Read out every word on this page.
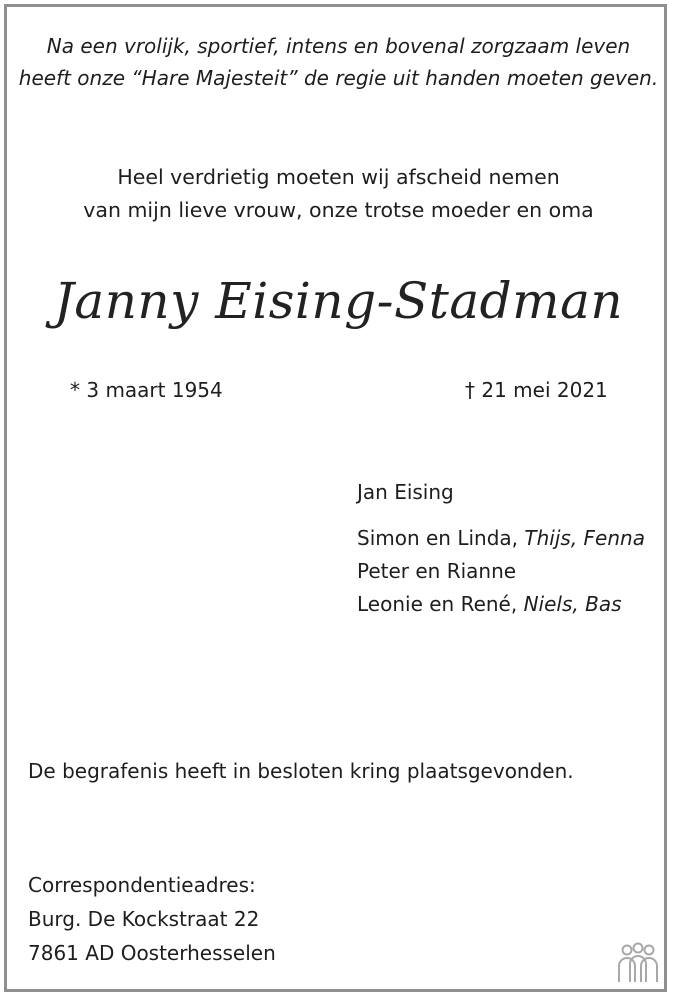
Na een vrolijk, sportief, intens en bovenal zorgzaam leven
heeft onze “Hare Majesteit” de regie uit handen moeten geven.
Heel verdrietig moeten wij afscheid nemen
van mijn lieve vrouw, onze trotse moeder en oma
Janny Eising-Stadman
* 3 maart 1954	† 21 mei 2021
Jan Eising
Simon en Linda, Thijs, Fenna
Peter en Rianne
Leonie en René, Niels, Bas
De begrafenis heeft in besloten kring plaatsgevonden.
Correspondentieadres:
Burg. De Kockstraat 22
7861 AD Oosterhesselen
